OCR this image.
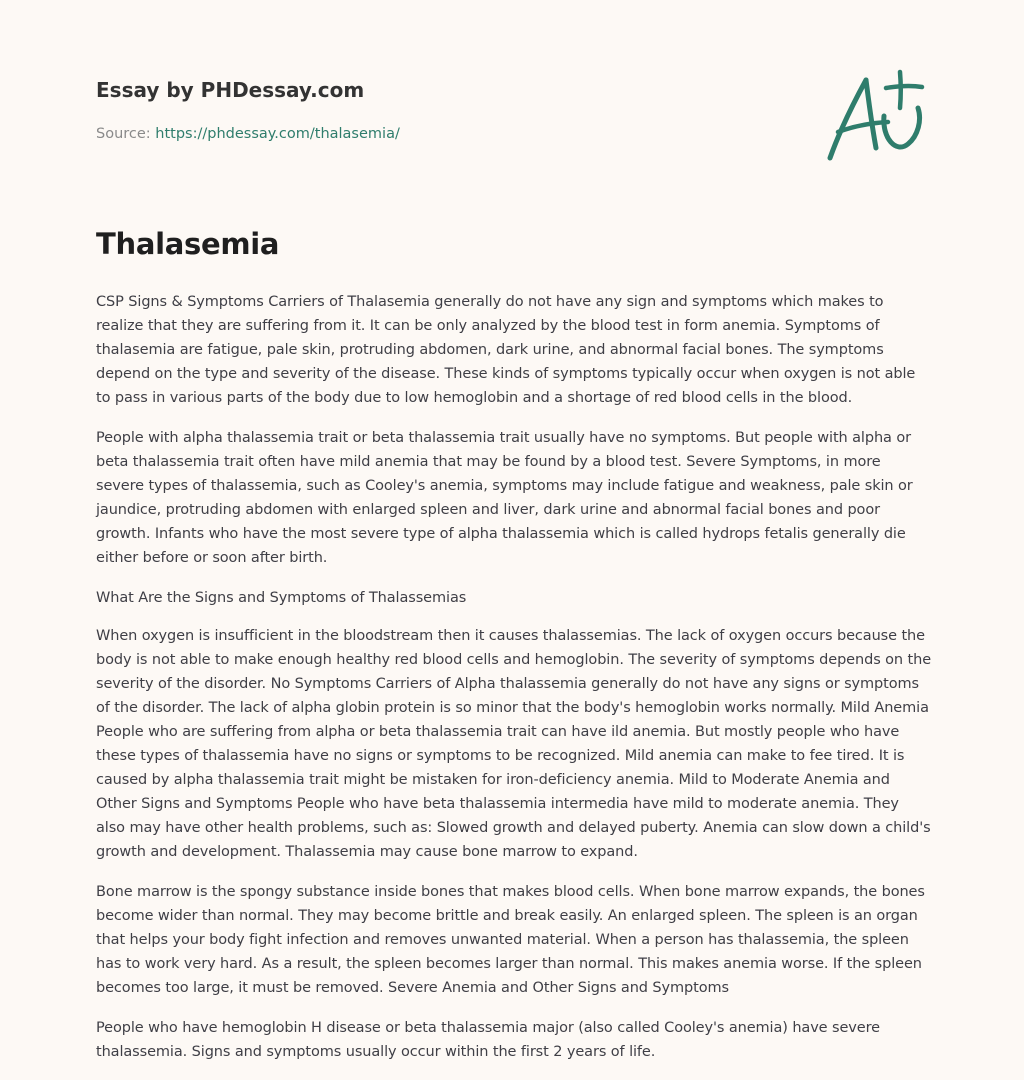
Essay by PHDessay.com
Source: https://phdessay.com/thalasemia/
Thalasemia

CSP Signs & Symptoms Carriers of Thalasemia generally do not have any sign and symptoms which makes to realize that they are suffering from it. It can be only analyzed by the blood test in form anemia. Symptoms of thalasemia are fatigue, pale skin, protruding abdomen, dark urine, and abnormal facial bones. The symptoms depend on the type and severity of the disease. These kinds of symptoms typically occur when oxygen is not able to pass in various parts of the body due to low hemoglobin and a shortage of red blood cells in the blood.

People with alpha thalassemia trait or beta thalassemia trait usually have no symptoms. But people with alpha or beta thalassemia trait often have mild anemia that may be found by a blood test. Severe Symptoms, in more severe types of thalassemia, such as Cooley's anemia, symptoms may include fatigue and weakness, pale skin or jaundice, protruding abdomen with enlarged spleen and liver, dark urine and abnormal facial bones and poor growth. Infants who have the most severe type of alpha thalassemia which is called hydrops fetalis generally die either before or soon after birth.

What Are the Signs and Symptoms of Thalassemias

When oxygen is insufficient in the bloodstream then it causes thalassemias. The lack of oxygen occurs because the body is not able to make enough healthy red blood cells and hemoglobin. The severity of symptoms depends on the severity of the disorder. No Symptoms Carriers of Alpha thalassemia generally do not have any signs or symptoms of the disorder. The lack of alpha globin protein is so minor that the body's hemoglobin works normally. Mild Anemia People who are suffering from alpha or beta thalassemia trait can have ild anemia. But mostly people who have these types of thalassemia have no signs or symptoms to be recognized. Mild anemia can make to fee tired. It is caused by alpha thalassemia trait might be mistaken for iron-deficiency anemia. Mild to Moderate Anemia and Other Signs and Symptoms People who have beta thalassemia intermedia have mild to moderate anemia. They also may have other health problems, such as: Slowed growth and delayed puberty. Anemia can slow down a child's growth and development. Thalassemia may cause bone marrow to expand.

Bone marrow is the spongy substance inside bones that makes blood cells. When bone marrow expands, the bones become wider than normal. They may become brittle and break easily. An enlarged spleen. The spleen is an organ that helps your body fight infection and removes unwanted material. When a person has thalassemia, the spleen has to work very hard. As a result, the spleen becomes larger than normal. This makes anemia worse. If the spleen becomes too large, it must be removed. Severe Anemia and Other Signs and Symptoms

People who have hemoglobin H disease or beta thalassemia major (also called Cooley's anemia) have severe thalassemia. Signs and symptoms usually occur within the first 2 years of life.
